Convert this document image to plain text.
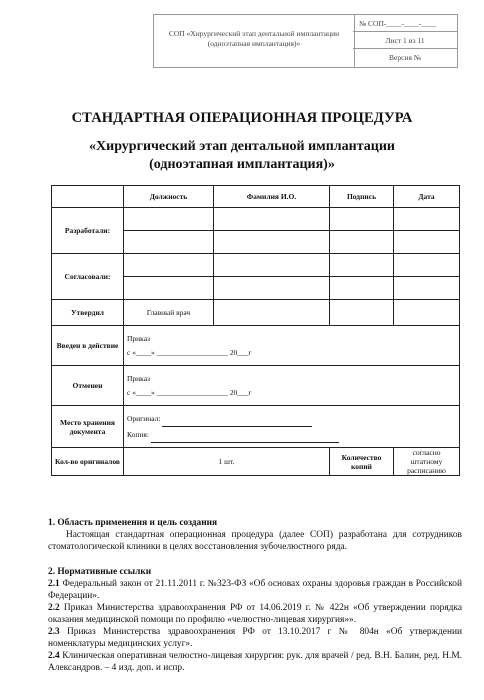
СОП «Хирургический этап дентальной имплантации (одноэтапная имплантация)»
№ СОП-____-____-____
Лист 1 из 11
Версия №
СТАНДАРТНАЯ ОПЕРАЦИОННАЯ ПРОЦЕДУРА
«Хирургический этап дентальной имплантации
(одноэтапная имплантация)»
	Должность	Фамилия И.О.	Подпись	Дата
Разработали:				

Согласовали:				

Утвердил	Главный врач			
Введен в действие	Приказ
с «____» ___________________ 20___г			

Отменен	Приказ
с «____» ___________________ 20___г			

Место хранения документа	Оригинал:
Копия:			

Кол-во оригиналов	1 шт.		Количество копий	согласно штатному расписанию
1. Область применения и цель создания
Настоящая стандартная операционная процедура (далее СОП) разработана для сотрудников стоматологической клиники в целях восстановления зубочелюстного ряда.
2. Нормативные ссылки
2.1 Федеральный закон от 21.11.2011 г. №323-ФЗ «Об основах охраны здоровья граждан в Российской Федерации».
2.2 Приказ Министерства здравоохранения РФ от 14.06.2019 г. № 422н «Об утверждении порядка оказания медицинской помощи по профилю «челюстно-лицевая хирургия»».
2.3 Приказ Министерства здравоохранения РФ от 13.10.2017 г № 804н «Об утверждении номенклатуры медицинских услуг».
2.4 Клиническая оперативная челюстно-лицевая хирургия: рук. для врачей / ред. В.Н. Балин, ред. Н.М. Александров. – 4 изд. доп. и испр.
